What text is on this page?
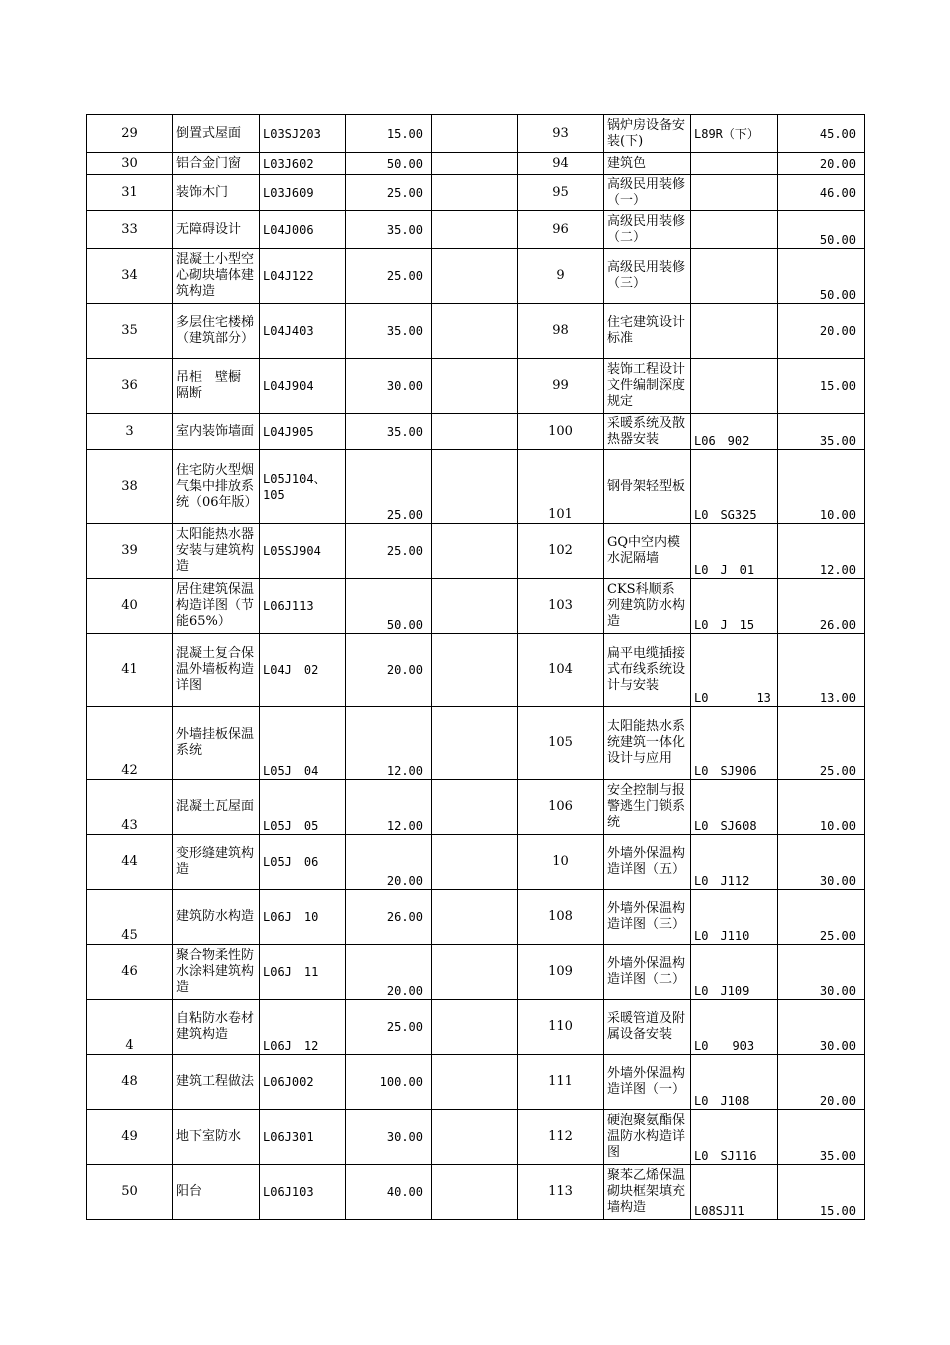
29	倒置式屋面	L03SJ203	15.00		93	锅炉房设备安装(下)	L89R（下）	45.00
30	铝合金门窗	L03J602	50.00		94	建筑色		20.00
31	装饰木门	L03J609	25.00		95	高级民用装修（一）		46.00
33	无障碍设计	L04J006	35.00		96	高级民用装修（二）		50.00
34	混凝土小型空心砌块墙体建筑构造	L04J122	25.00		9	高级民用装修（三）		50.00
35	多层住宅楼梯（建筑部分）	L04J403	35.00		98	住宅建筑设计标准		20.00
36	吊柜　壁橱　隔断	L04J904	30.00		99	装饰工程设计文件编制深度规定		15.00
3	室内装饰墙面	L04J905	35.00		100	采暖系统及散热器安装	L06　902	35.00
38	住宅防火型烟气集中排放系统（06年版）	L05J104、105	25.00		101	钢骨架轻型板	L0　SG325	10.00
39	太阳能热水器安装与建筑构造	L05SJ904	25.00		102	GQ中空内模水泥隔墙	L0　J　01	12.00
40	居住建筑保温构造详图（节能65%）	L06J113	50.00		103	CKS科顺系列建筑防水构造	L0　J　15	26.00
41	混凝土复合保温外墙板构造详图	L04J　02	20.00		104	扁平电缆插接式布线系统设计与安装	L0　　　　13	13.00
42	外墙挂板保温系统	L05J　04	12.00		105	太阳能热水系统建筑一体化设计与应用	L0　SJ906	25.00
43	混凝土瓦屋面	L05J　05	12.00		106	安全控制与报警逃生门锁系统	L0　SJ608	10.00
44	变形缝建筑构造	L05J　06	20.00		10	外墙外保温构造详图（五）	L0　J112	30.00
45	建筑防水构造	L06J　10	26.00		108	外墙外保温构造详图（三）	L0　J110	25.00
46	聚合物柔性防水涂料建筑构造	L06J　11	20.00		109	外墙外保温构造详图（二）	L0　J109	30.00
4	自粘防水卷材建筑构造	L06J　12	25.00		110	采暖管道及附属设备安装	L0　　903	30.00
48	建筑工程做法	L06J002	100.00		111	外墙外保温构造详图（一）	L0　J108	20.00
49	地下室防水	L06J301	30.00		112	硬泡聚氨酯保温防水构造详图	L0　SJ116	35.00
50	阳台	L06J103	40.00		113	聚苯乙烯保温砌块框架填充墙构造	L08SJ11	15.00
